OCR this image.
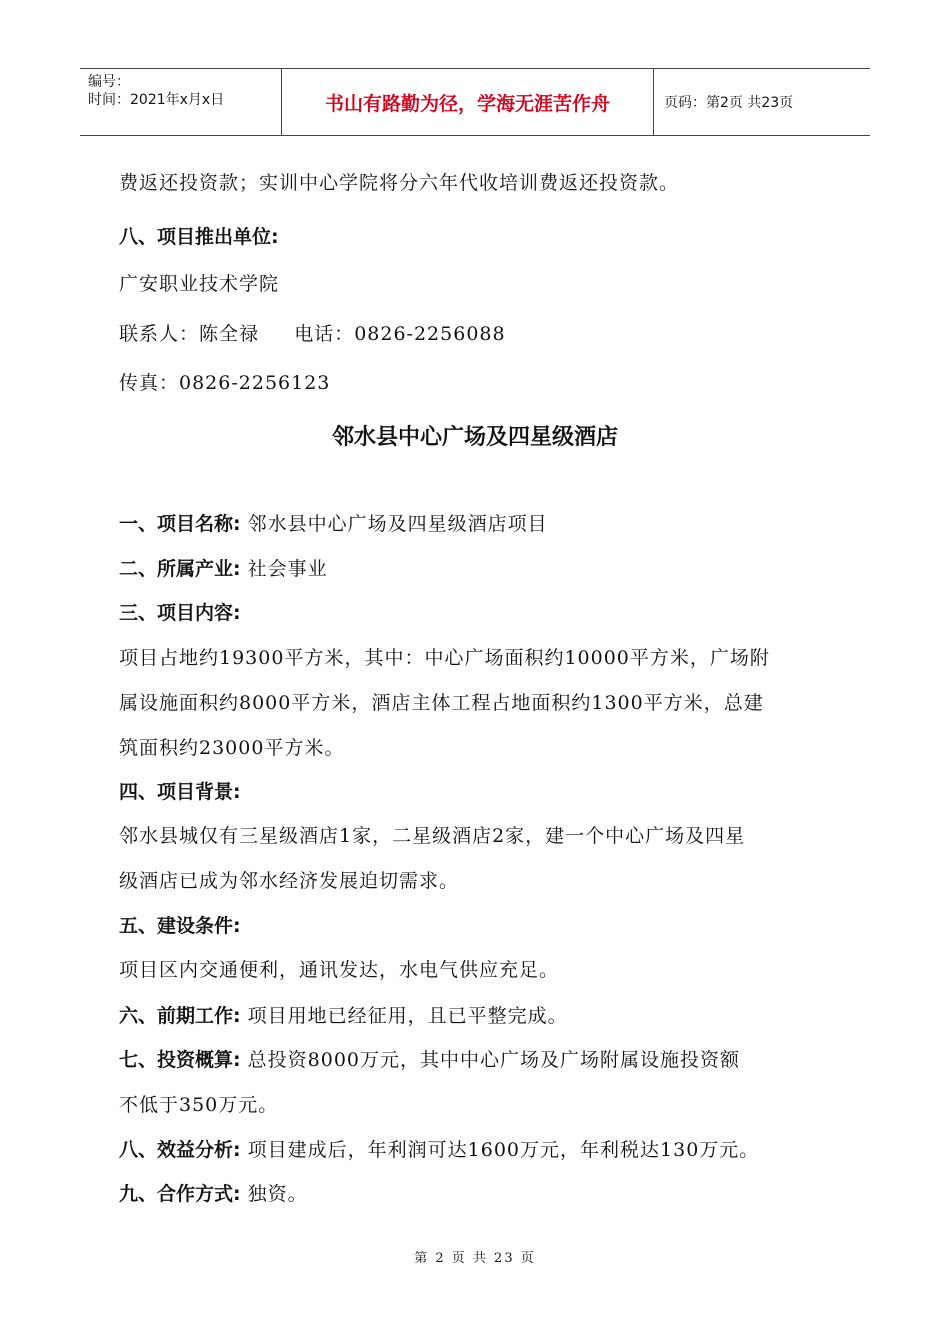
编号：
时间：2021年x月x日	书山有路勤为径，学海无涯苦作舟	页码：第2页 共23页
费返还投资款；实训中心学院将分六年代收培训费返还投资款。
八、项目推出单位:
广安职业技术学院
联系人：陈全禄     电话：0826-2256088
传真：0826-2256123
邻水县中心广场及四星级酒店
一、项目名称: 邻水县中心广场及四星级酒店项目
二、所属产业: 社会事业
三、项目内容:
项目占地约19300平方米，其中：中心广场面积约10000平方米，广场附
属设施面积约8000平方米，酒店主体工程占地面积约1300平方米，总建
筑面积约23000平方米。
四、项目背景:
邻水县城仅有三星级酒店1家，二星级酒店2家，建一个中心广场及四星
级酒店已成为邻水经济发展迫切需求。
五、建设条件:
项目区内交通便利，通讯发达，水电气供应充足。
六、前期工作: 项目用地已经征用，且已平整完成。
七、投资概算: 总投资8000万元，其中中心广场及广场附属设施投资额
不低于350万元。
八、效益分析: 项目建成后，年利润可达1600万元，年利税达130万元。
九、合作方式: 独资。
第 2 页 共 23 页
